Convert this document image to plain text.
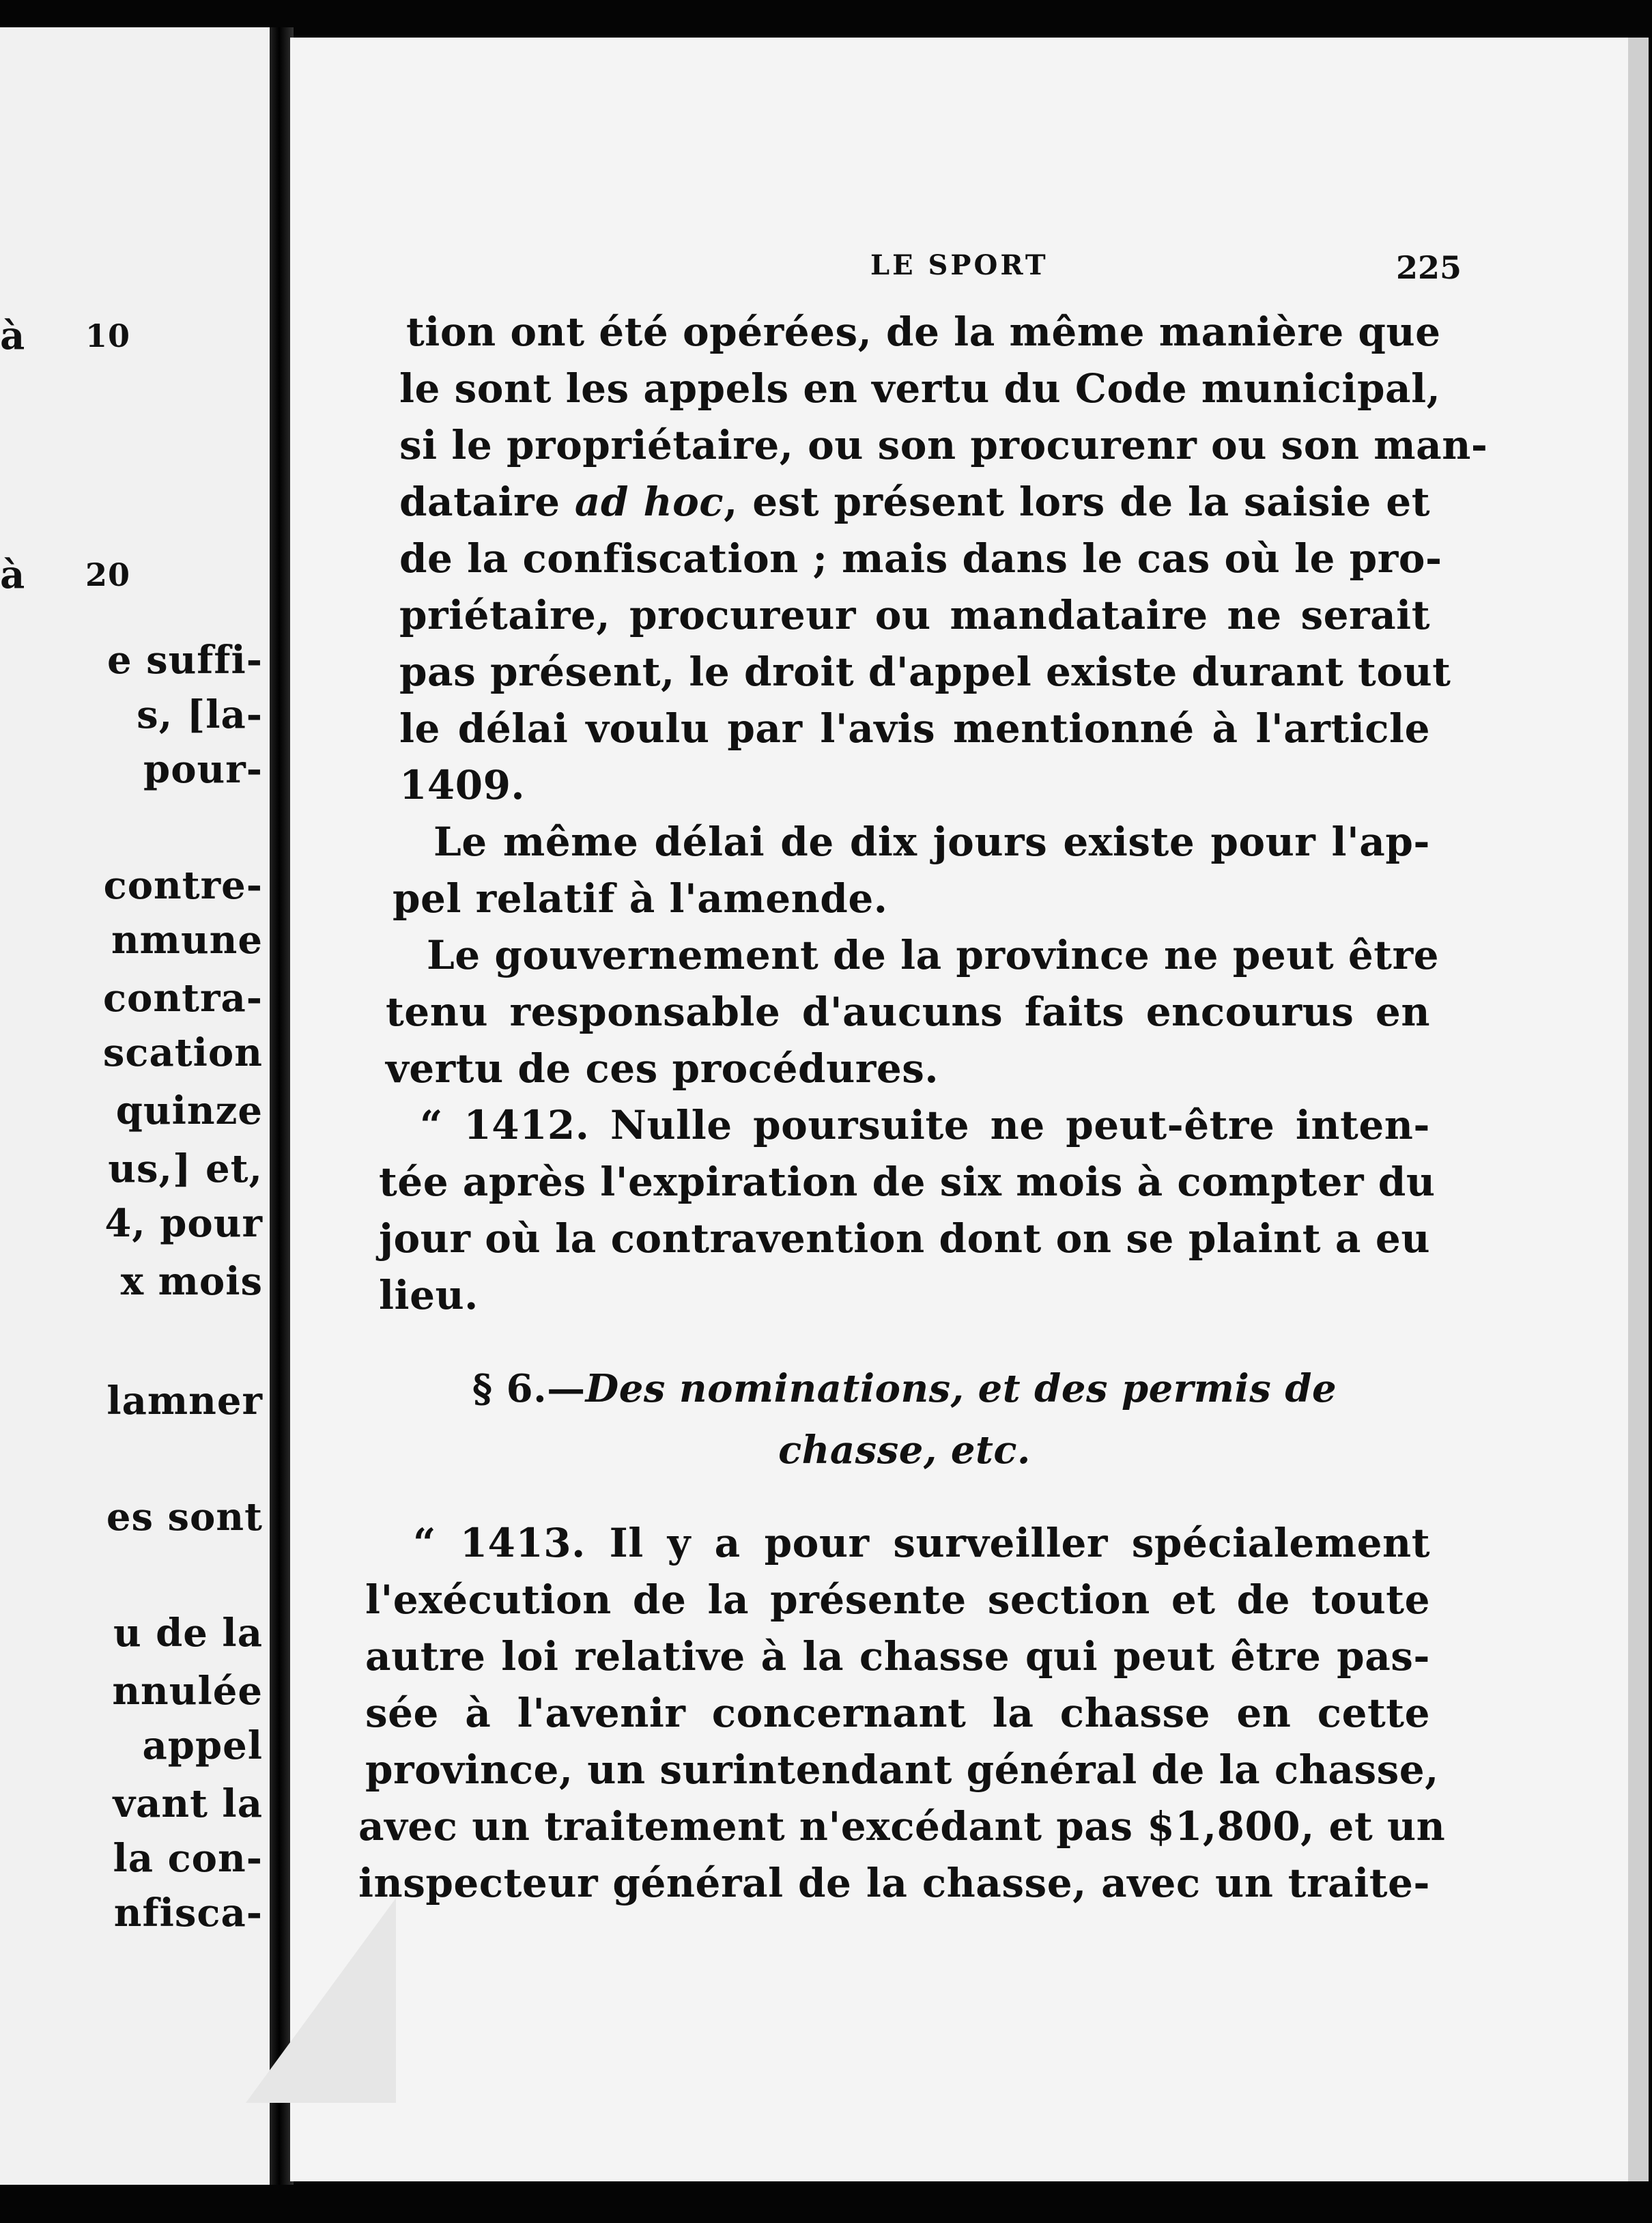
à 10
à 20
e suffi-
s, [la-
pour-
contre-
nmune
contra-
scation
quinze
us,] et,
4, pour
x mois
lamner
es sont
u de la
nnulée
appel
vant la
la con-
nfisca-
LE SPORT	225
tion ont été opérées, de la même manière que
le sont les appels en vertu du Code municipal,
si le propriétaire, ou son procurenr ou son man-
dataire ad hoc, est présent lors de la saisie et
de la confiscation ; mais dans le cas où le pro-
priétaire, procureur ou mandataire ne serait
pas présent, le droit d'appel existe durant tout
le délai voulu par l'avis mentionné à l'article
1409.
Le même délai de dix jours existe pour l'ap-
pel relatif à l'amende.
Le gouvernement de la province ne peut être
tenu responsable d'aucuns faits encourus en
vertu de ces procédures.
“ 1412. Nulle poursuite ne peut-être inten-
tée après l'expiration de six mois à compter du
jour où la contravention dont on se plaint a eu
lieu.
§ 6.—Des nominations, et des permis de
chasse, etc.
“ 1413. Il y a pour surveiller spécialement
l'exécution de la présente section et de toute
autre loi relative à la chasse qui peut être pas-
sée à l'avenir concernant la chasse en cette
province, un surintendant général de la chasse,
avec un traitement n'excédant pas $1,800, et un
inspecteur général de la chasse, avec un traite-
